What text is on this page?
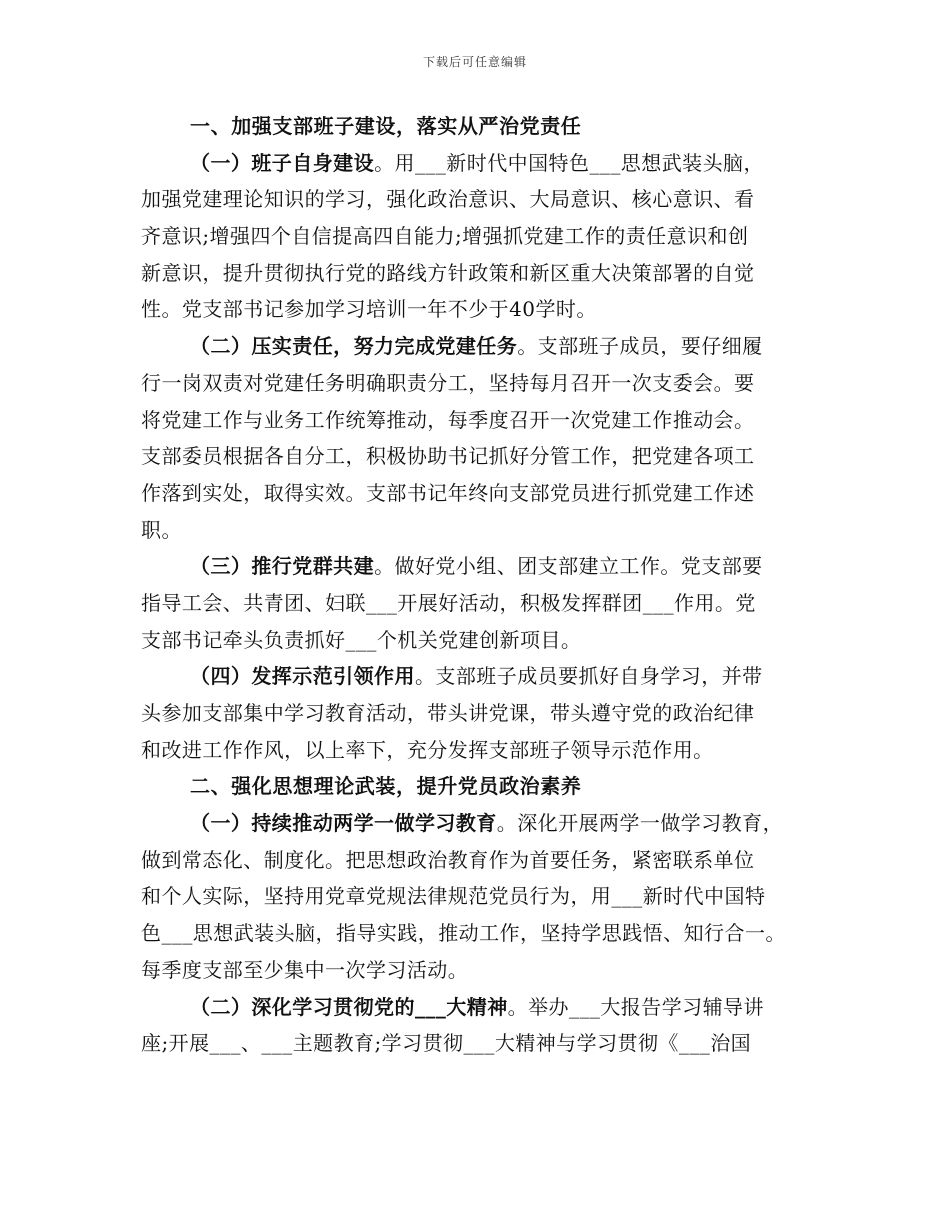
下载后可任意编辑
一、加强支部班子建设，落实从严治党责任
（一）班子自身建设。用___新时代中国特色___思想武装头脑，
加强党建理论知识的学习，强化政治意识、大局意识、核心意识、看
齐意识;增强四个自信提高四自能力;增强抓党建工作的责任意识和创
新意识，提升贯彻执行党的路线方针政策和新区重大决策部署的自觉
性。党支部书记参加学习培训一年不少于40学时。
（二）压实责任，努力完成党建任务。支部班子成员，要仔细履
行一岗双责对党建任务明确职责分工，坚持每月召开一次支委会。要
将党建工作与业务工作统筹推动，每季度召开一次党建工作推动会。
支部委员根据各自分工，积极协助书记抓好分管工作，把党建各项工
作落到实处，取得实效。支部书记年终向支部党员进行抓党建工作述
职。
（三）推行党群共建。做好党小组、团支部建立工作。党支部要
指导工会、共青团、妇联___开展好活动，积极发挥群团___作用。党
支部书记牵头负责抓好___个机关党建创新项目。
（四）发挥示范引领作用。支部班子成员要抓好自身学习，并带
头参加支部集中学习教育活动，带头讲党课，带头遵守党的政治纪律
和改进工作作风，以上率下，充分发挥支部班子领导示范作用。
二、强化思想理论武装，提升党员政治素养
（一）持续推动两学一做学习教育。深化开展两学一做学习教育，
做到常态化、制度化。把思想政治教育作为首要任务，紧密联系单位
和个人实际，坚持用党章党规法律规范党员行为，用___新时代中国特
色___思想武装头脑，指导实践，推动工作，坚持学思践悟、知行合一。
每季度支部至少集中一次学习活动。
（二）深化学习贯彻党的___大精神。举办___大报告学习辅导讲
座;开展___、___主题教育;学习贯彻___大精神与学习贯彻《___治国
